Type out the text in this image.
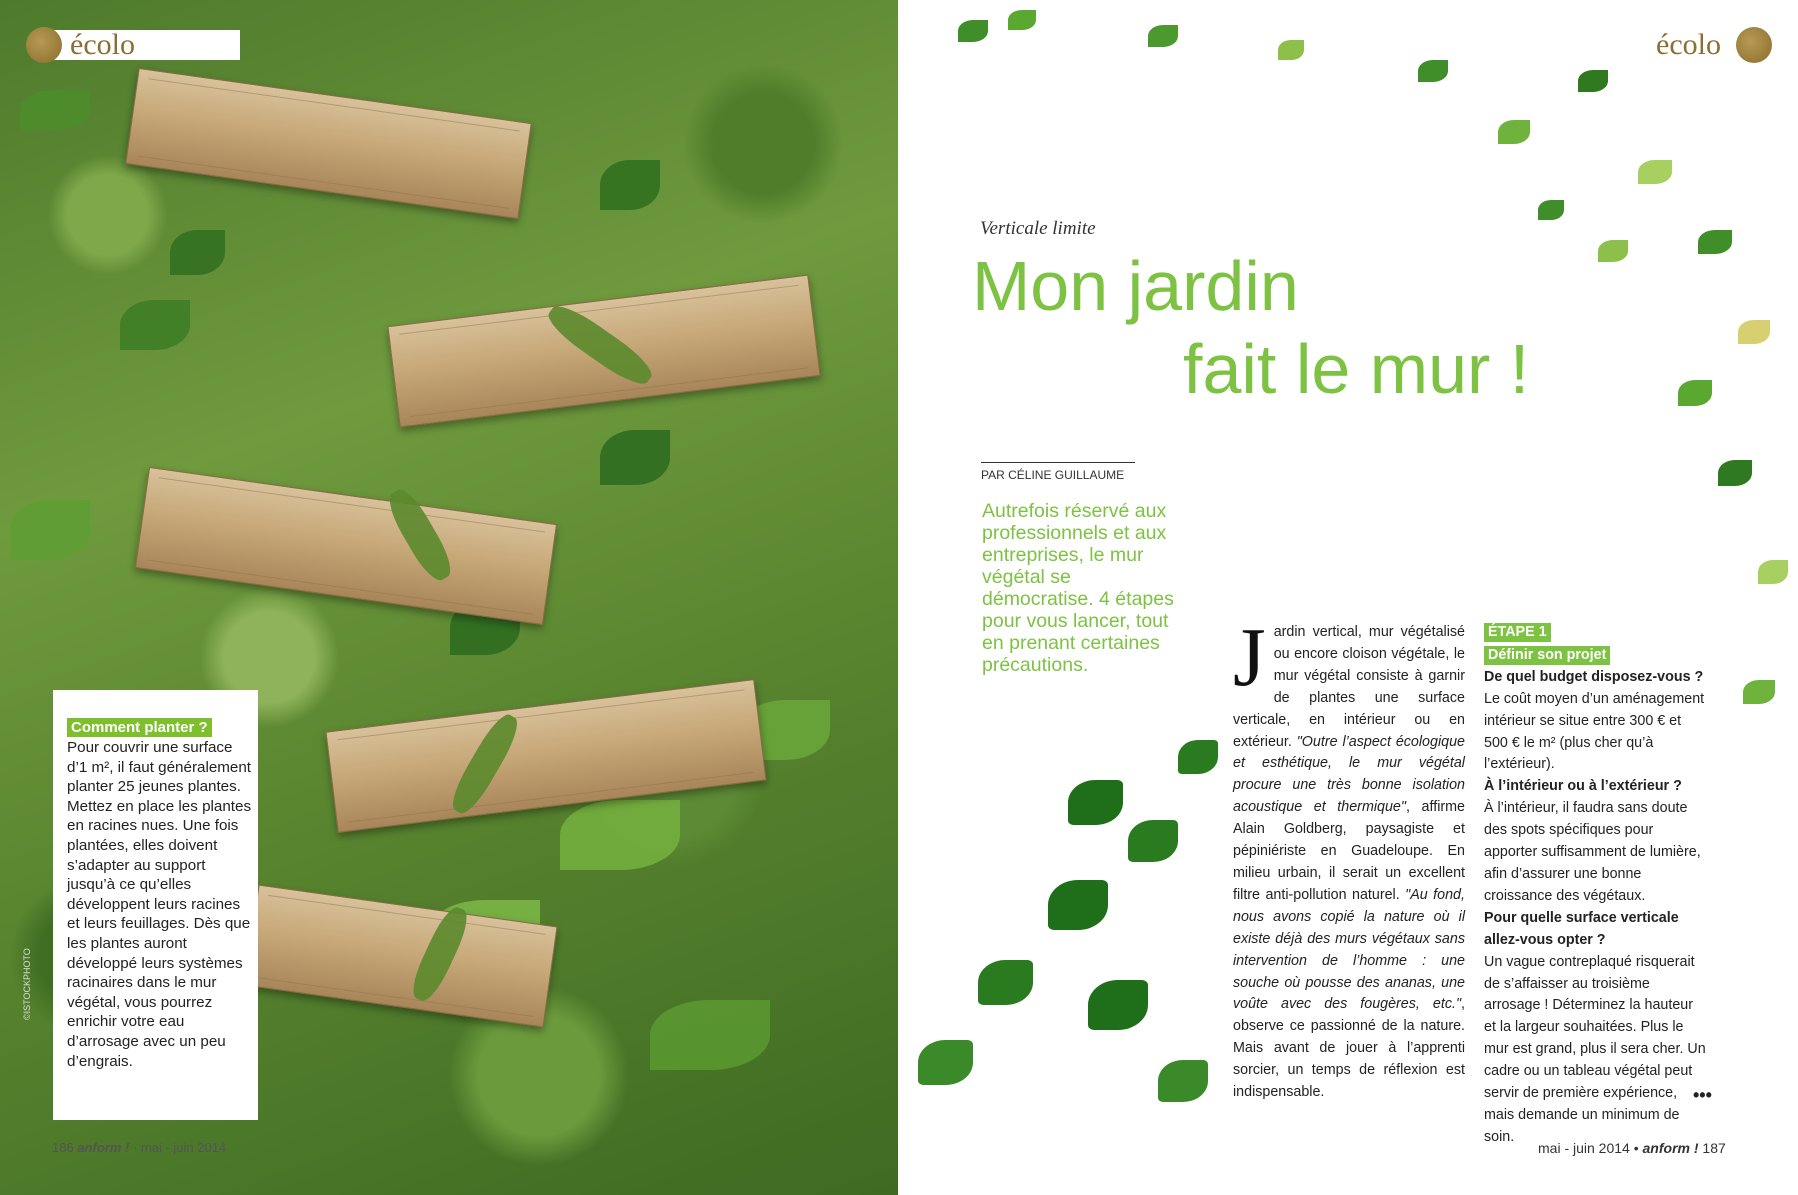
écolo
Comment planter ?
Pour couvrir une surface d’1 m², il faut généralement planter 25 jeunes plantes. Mettez en place les plantes en racines nues. Une fois plantées, elles doivent s’adapter au support jusqu’à ce qu’elles développent leurs racines et leurs feuillages. Dès que les plantes auront développé leurs systèmes racinaires dans le mur végétal, vous pourrez enrichir votre eau d’arrosage avec un peu d’engrais.
©ISTOCKPHOTO
186 anform ! · mai - juin 2014
écolo
Verticale limite
Mon jardin
fait le mur !
PAR CÉLINE GUILLAUME
Autrefois réservé aux professionnels et aux entreprises, le mur végétal se démocratise. 4 étapes pour vous lancer, tout en prenant certaines précautions.	Jardin vertical, mur végétalisé ou encore cloison végétale, le mur végétal consiste à garnir de plantes une surface verticale, en intérieur ou en extérieur. "Outre l’aspect écologique et esthétique, le mur végétal procure une très bonne isolation acoustique et thermique", affirme Alain Goldberg, paysagiste et pépiniériste en Guadeloupe. En milieu urbain, il serait un excellent filtre anti-pollution naturel. "Au fond, nous avons copié la nature où il existe déjà des murs végétaux sans intervention de l’homme : une souche où pousse des ananas, une voûte avec des fougères, etc.", observe ce passionné de la nature. Mais avant de jouer à l’apprenti sorcier, un temps de réflexion est indispensable.
ÉTAPE 1
Définir son projet
De quel budget disposez-vous ?
Le coût moyen d’un aménagement intérieur se situe entre 300 € et 500 € le m² (plus cher qu’à l’extérieur).
À l’intérieur ou à l’extérieur ?
À l’intérieur, il faudra sans doute des spots spécifiques pour apporter suffisamment de lumière, afin d’assurer une bonne croissance des végétaux.
Pour quelle surface verticale allez-vous opter ?
Un vague contreplaqué risquerait de s’affaisser au troisième arrosage ! Déterminez la hauteur et la largeur souhaitées. Plus le mur est grand, plus il sera cher. Un cadre ou un tableau végétal peut servir de première expérience, mais demande un minimum de soin.
•••
mai - juin 2014 • anform ! 187
